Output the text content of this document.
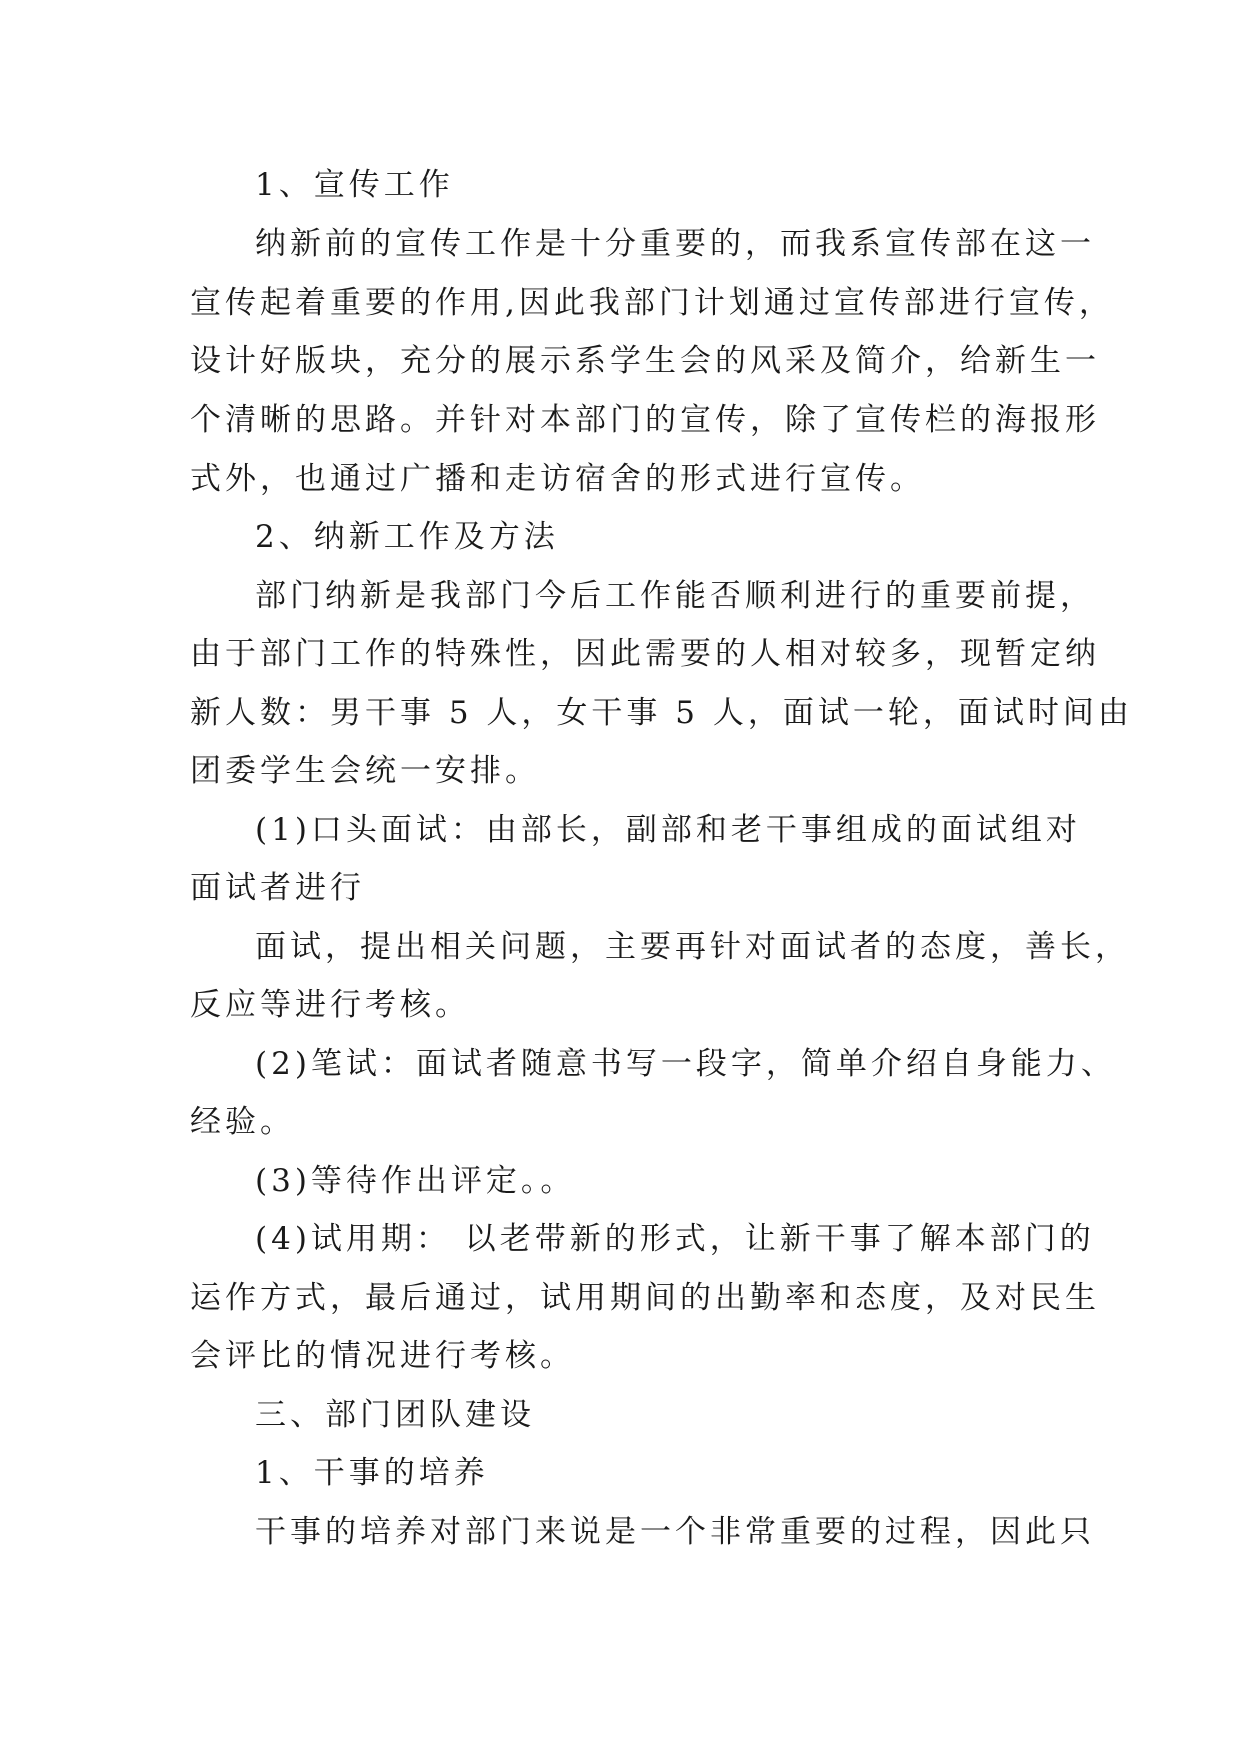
1、宣传工作

纳新前的宣传工作是十分重要的，而我系宣传部在这一

宣传起着重要的作用,因此我部门计划通过宣传部进行宣传，

设计好版块，充分的展示系学生会的风采及简介，给新生一

个清晰的思路。并针对本部门的宣传，除了宣传栏的海报形

式外，也通过广播和走访宿舍的形式进行宣传。

2、纳新工作及方法

部门纳新是我部门今后工作能否顺利进行的重要前提，

由于部门工作的特殊性，因此需要的人相对较多，现暂定纳

新人数：男干事 5 人，女干事 5 人，面试一轮，面试时间由

团委学生会统一安排。

(1)口头面试：由部长，副部和老干事组成的面试组对

面试者进行

面试，提出相关问题，主要再针对面试者的态度，善长，

反应等进行考核。

(2)笔试：面试者随意书写一段字，简单介绍自身能力、

经验。

(3)等待作出评定。。

(4)试用期： 以老带新的形式，让新干事了解本部门的

运作方式，最后通过，试用期间的出勤率和态度，及对民生

会评比的情况进行考核。

三、部门团队建设

1、干事的培养

干事的培养对部门来说是一个非常重要的过程，因此只
